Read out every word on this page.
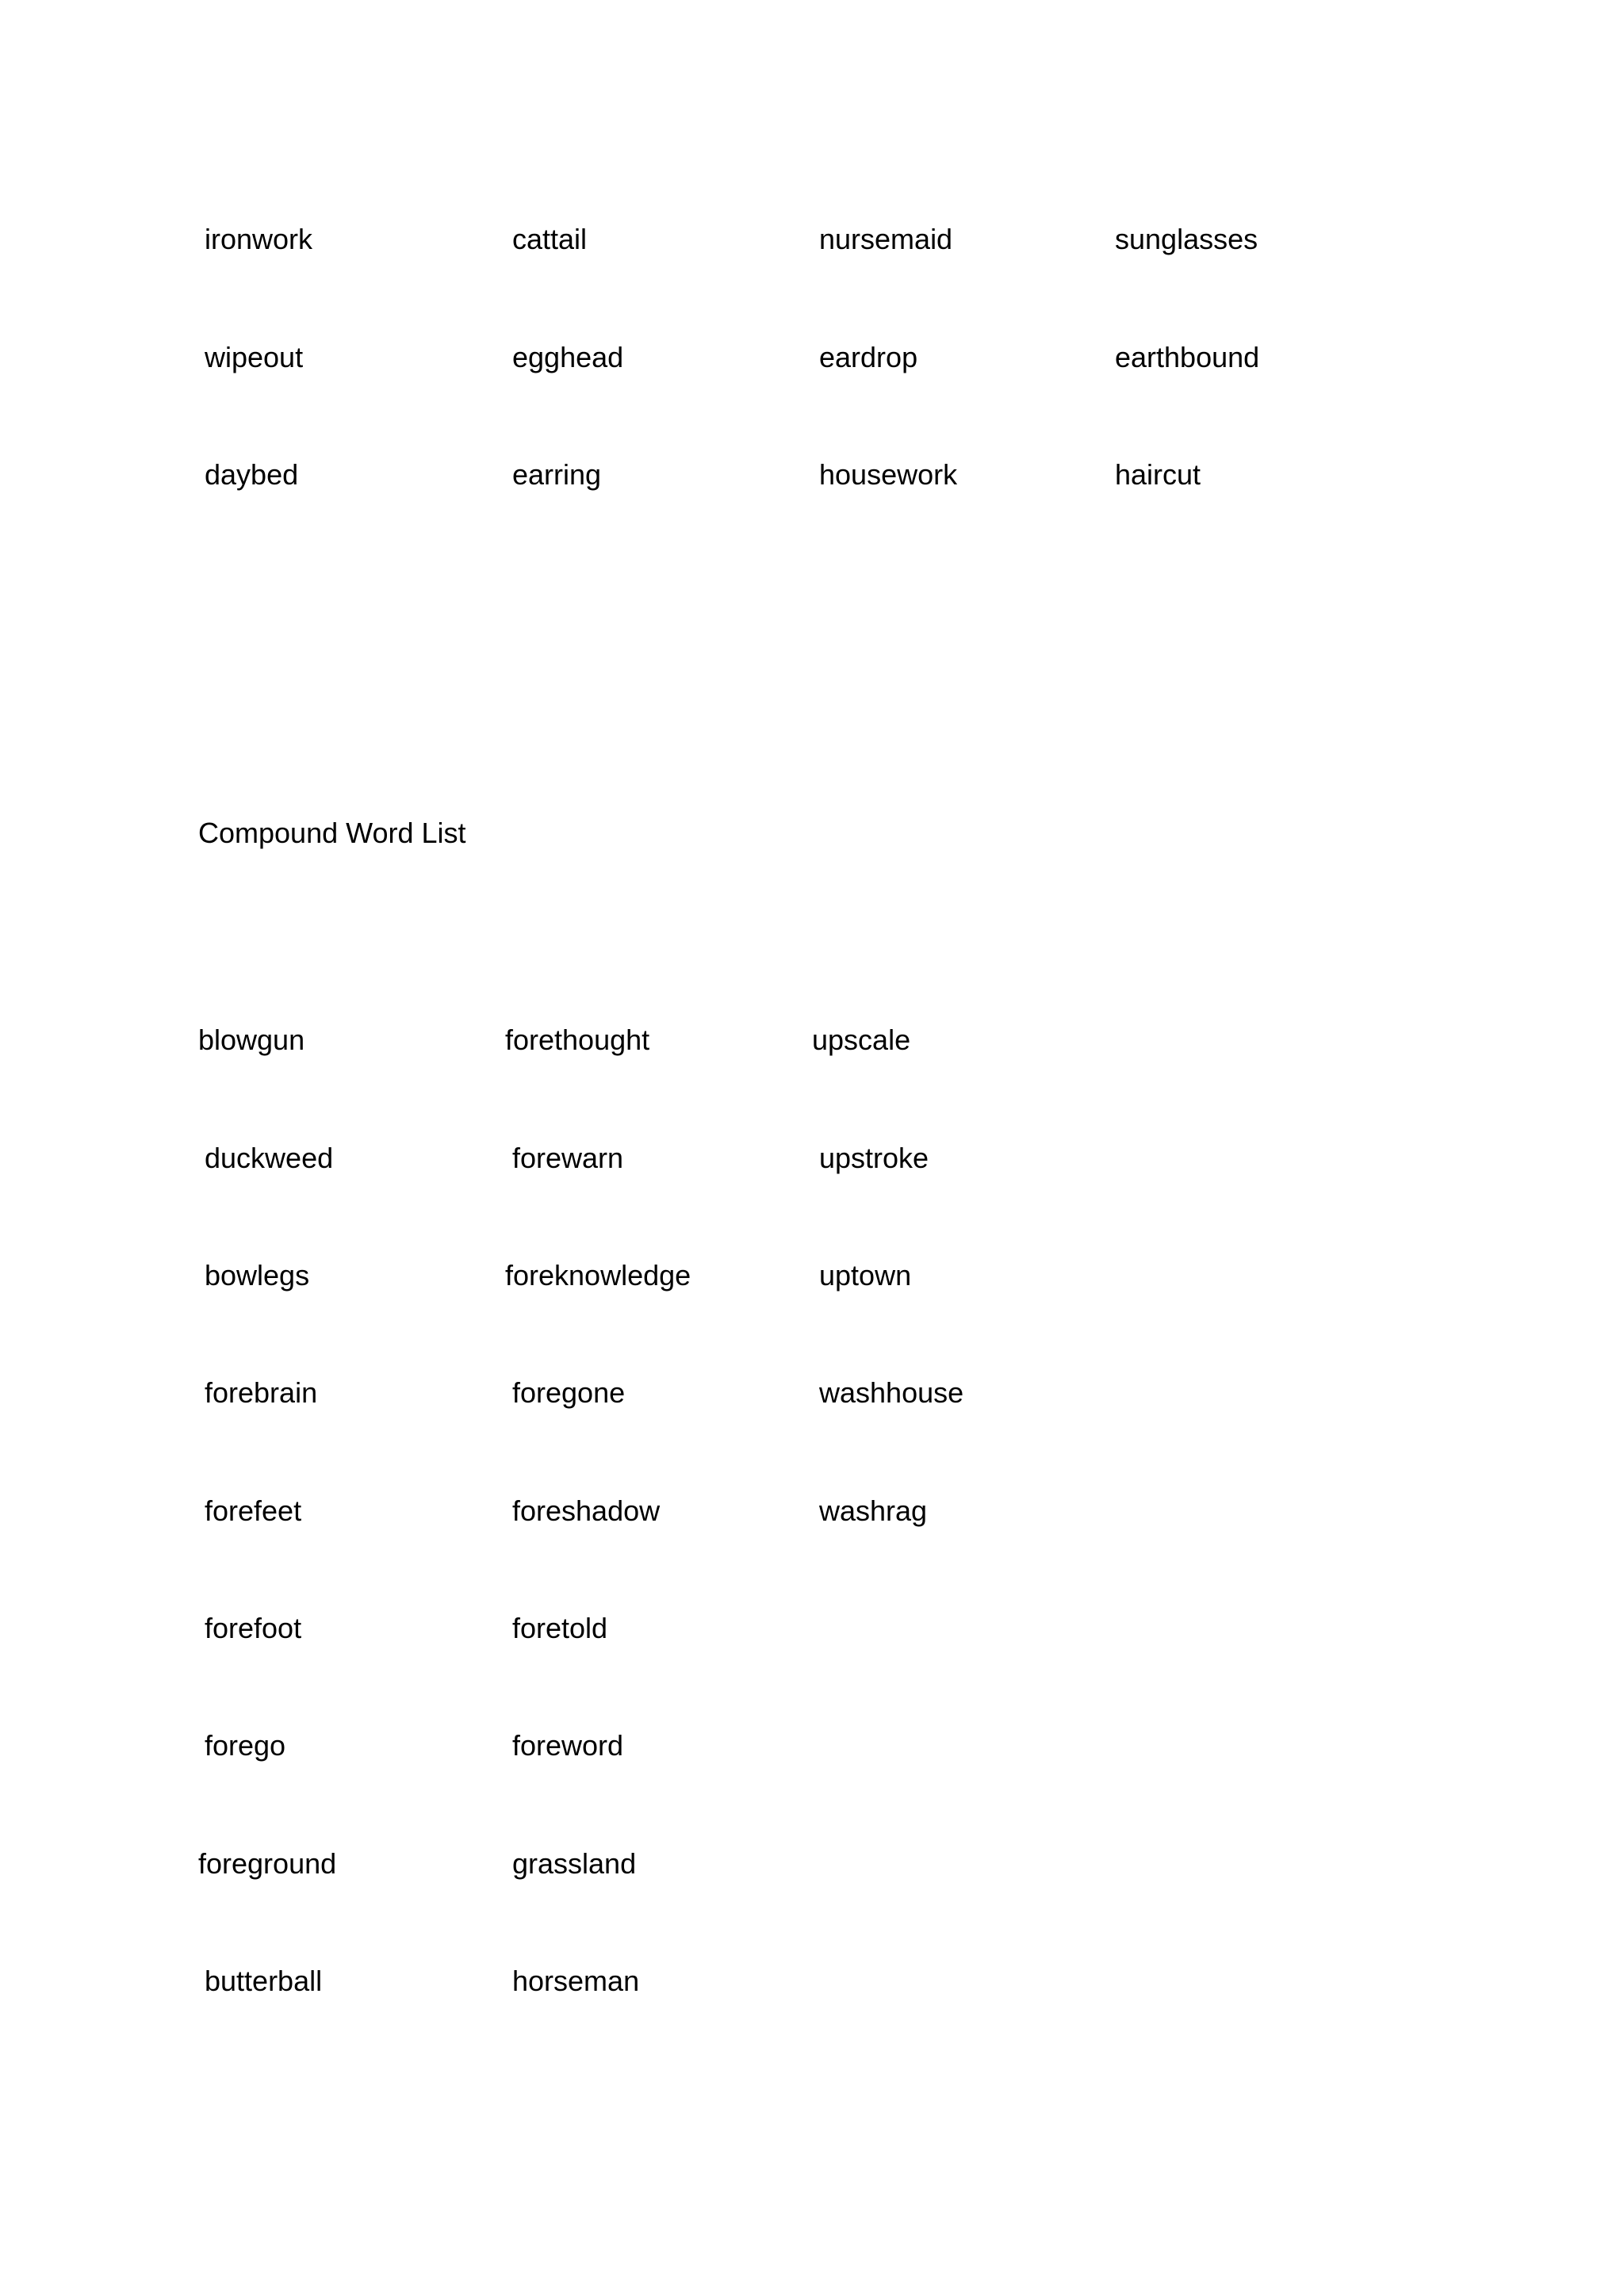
ironwork	cattail	nursemaid	sunglasses
wipeout	egghead	eardrop	earthbound
daybed	earring	housework	haircut
Compound Word List
blowgun	forethought	upscale
duckweed	forewarn	upstroke
bowlegs	foreknowledge	uptown
forebrain	foregone	washhouse
forefeet	foreshadow	washrag
forefoot	foretold
forego	foreword
foreground	grassland
butterball	horseman
